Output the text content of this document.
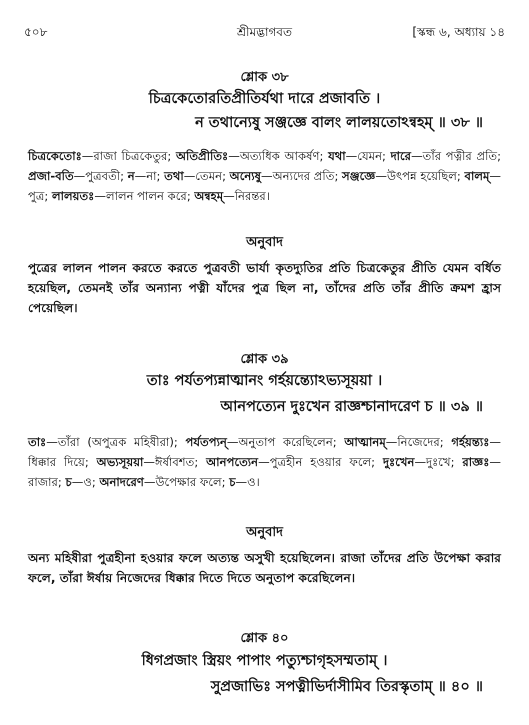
৫০৮	শ্রীমদ্ভাগবত	[স্কন্ধ ৬, অধ্যায় ১৪
শ্লোক ৩৮
চিত্রকেতোরতিপ্রীতির্যথা দারে প্রজাবতি ।
ন তথান্যেষু সঞ্জজ্ঞে বালং লালয়তোঽন্বহম্ ॥ ৩৮ ॥
চিত্রকেতোঃ—রাজা চিত্রকেতুর; অতিপ্রীতিঃ—অত্যধিক আকর্ষণ; যথা—যেমন; দারে—তাঁর পত্নীর প্রতি; প্রজা-বতি—পুত্রবতী; ন—না; তথা—তেমন; অন্যেষু—অন্যদের প্রতি; সঞ্জজ্ঞে—উৎপন্ন হয়েছিল; বালম্—পুত্র; লালয়তঃ—লালন পালন করে; অন্বহম্—নিরন্তর।
অনুবাদ
পুত্রের লালন পালন করতে করতে পুত্রবতী ভার্যা কৃতদ্যুতির প্রতি চিত্রকেতুর প্রীতি যেমন বর্ধিত হয়েছিল, তেমনই তাঁর অন্যান্য পত্নী যাঁদের পুত্র ছিল না, তাঁদের প্রতি তাঁর প্রীতি ক্রমশ হ্রাস পেয়েছিল।
শ্লোক ৩৯
তাঃ পর্যতপ্যন্নাত্মানং গর্হয়ন্ত্যোঽভ্যসূয়য়া ।
আনপত্যেন দুঃখেন রাজ্ঞশ্চানাদরেণ চ ॥ ৩৯ ॥
তাঃ—তাঁরা (অপুত্রক মহিষীরা); পর্যতপ্যন্—অনুতাপ করেছিলেন; আত্মানম্—নিজেদের; গর্হয়ন্ত্যঃ—ধিক্কার দিয়ে; অভ্যসূয়য়া—ঈর্ষাবশত; আনপত্যেন—পুত্রহীন হওয়ার ফলে; দুঃখেন—দুঃখে; রাজ্ঞঃ—রাজার; চ—ও; অনাদরেণ—উপেক্ষার ফলে; চ—ও।
অনুবাদ
অন্য মহিষীরা পুত্রহীনা হওয়ার ফলে অত্যন্ত অসুখী হয়েছিলেন। রাজা তাঁদের প্রতি উপেক্ষা করার ফলে, তাঁরা ঈর্ষায় নিজেদের ধিক্কার দিতে দিতে অনুতাপ করেছিলেন।
শ্লোক ৪০
ধিগপ্রজাং স্ত্রিয়ং পাপাং পত্যুশ্চাগৃহসম্মতাম্ ।
সুপ্রজাভিঃ সপত্নীভির্দাসীমিব তিরস্কৃতাম্ ॥ ৪০ ॥
